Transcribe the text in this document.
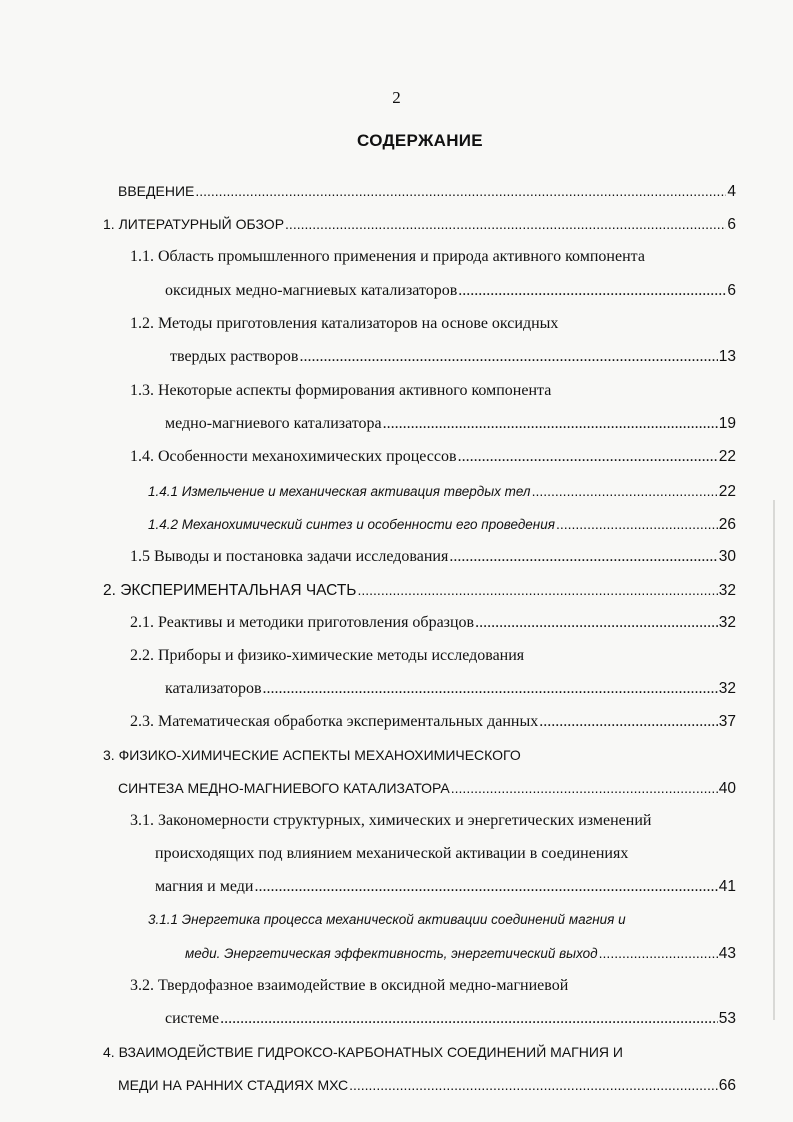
2
СОДЕРЖАНИЕ
ВВЕДЕНИЕ .....	4
1. ЛИТЕРАТУРНЫЙ ОБЗОР .....	6
1.1. Область промышленного применения и природа активного компонента
оксидных медно-магниевых катализаторов .....	6
1.2. Методы приготовления катализаторов на основе оксидных
твердых растворов .....	13
1.3. Некоторые аспекты формирования активного компонента
медно-магниевого катализатора .....	19
1.4. Особенности механохимических процессов .....	22
1.4.1 Измельчение и механическая активация твердых тел .....	22
1.4.2 Механохимический синтез и особенности его проведения .....	26
1.5 Выводы и постановка задачи исследования .....	30
2. ЭКСПЕРИМЕНТАЛЬНАЯ ЧАСТЬ .....	32
2.1. Реактивы и методики приготовления образцов .....	32
2.2. Приборы и физико-химические методы исследования
катализаторов .....	32
2.3. Математическая обработка экспериментальных данных .....	37
3. ФИЗИКО-ХИМИЧЕСКИЕ АСПЕКТЫ МЕХАНОХИМИЧЕСКОГО
СИНТЕЗА МЕДНО-МАГНИЕВОГО КАТАЛИЗАТОРА .....	40
3.1. Закономерности структурных, химических и энергетических изменений
происходящих под влиянием механической активации в соединениях
магния и меди .....	41
3.1.1 Энергетика процесса механической активации соединений магния и
меди. Энергетическая эффективность, энергетический выход .....	43
3.2. Твердофазное взаимодействие в оксидной медно-магниевой
системе .....	53
4. ВЗАИМОДЕЙСТВИЕ ГИДРОКСО-КАРБОНАТНЫХ СОЕДИНЕНИЙ МАГНИЯ И
МЕДИ НА РАННИХ СТАДИЯХ МХС .....	66
